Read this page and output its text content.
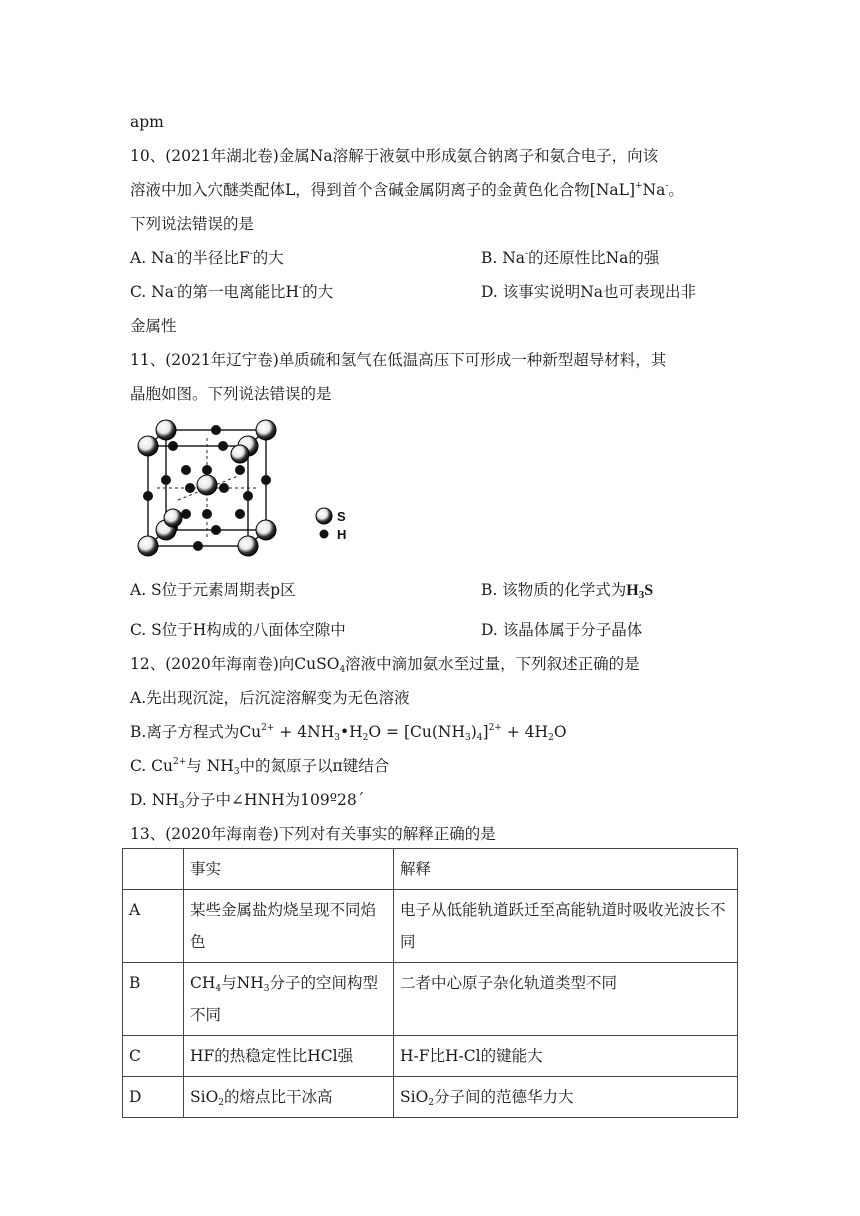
apm
10、(2021年湖北卷)金属Na溶解于液氨中形成氨合钠离子和氨合电子，向该
溶液中加入穴醚类配体L，得到首个含碱金属阴离子的金黄色化合物[NaL]+Na-。
下列说法错误的是
A. Na-的半径比F-的大	B. Na-的还原性比Na的强
C. Na-的第一电离能比H-的大	D. 该事实说明Na也可表现出非
金属性
11、(2021年辽宁卷)单质硫和氢气在低温高压下可形成一种新型超导材料，其
晶胞如图。下列说法错误的是
S
H
A. S位于元素周期表p区	B. 该物质的化学式为$H_3S$
C. S位于H构成的八面体空隙中	D. 该晶体属于分子晶体
12、(2020年海南卷)向CuSO$_4$溶液中滴加氨水至过量，下列叙述正确的是
A.先出现沉淀，后沉淀溶解变为无色溶液
B.离子方程式为$Cu^{2+}$ + $4NH_3•H_2O = [Cu(NH_3)_4]^{2+} + 4H_2O$
C. $Cu^{2+}$与 $NH_3$中的氮原子以π键结合
D. $NH_3$分子中∠HNH为109º28´
13、(2020年海南卷)下列对有关事实的解释正确的是
	事实	解释
A	某些金属盐灼烧呈现不同焰色	电子从低能轨道跃迁至高能轨道时吸收光波长不同
B	$CH_4$与$NH_3$分子的空间构型不同	二者中心原子杂化轨道类型不同
C	HF的热稳定性比HCl强	H-F比H-Cl的键能大
D	SiO$_2$的熔点比干冰高	SiO$_2$分子间的范德华力大
